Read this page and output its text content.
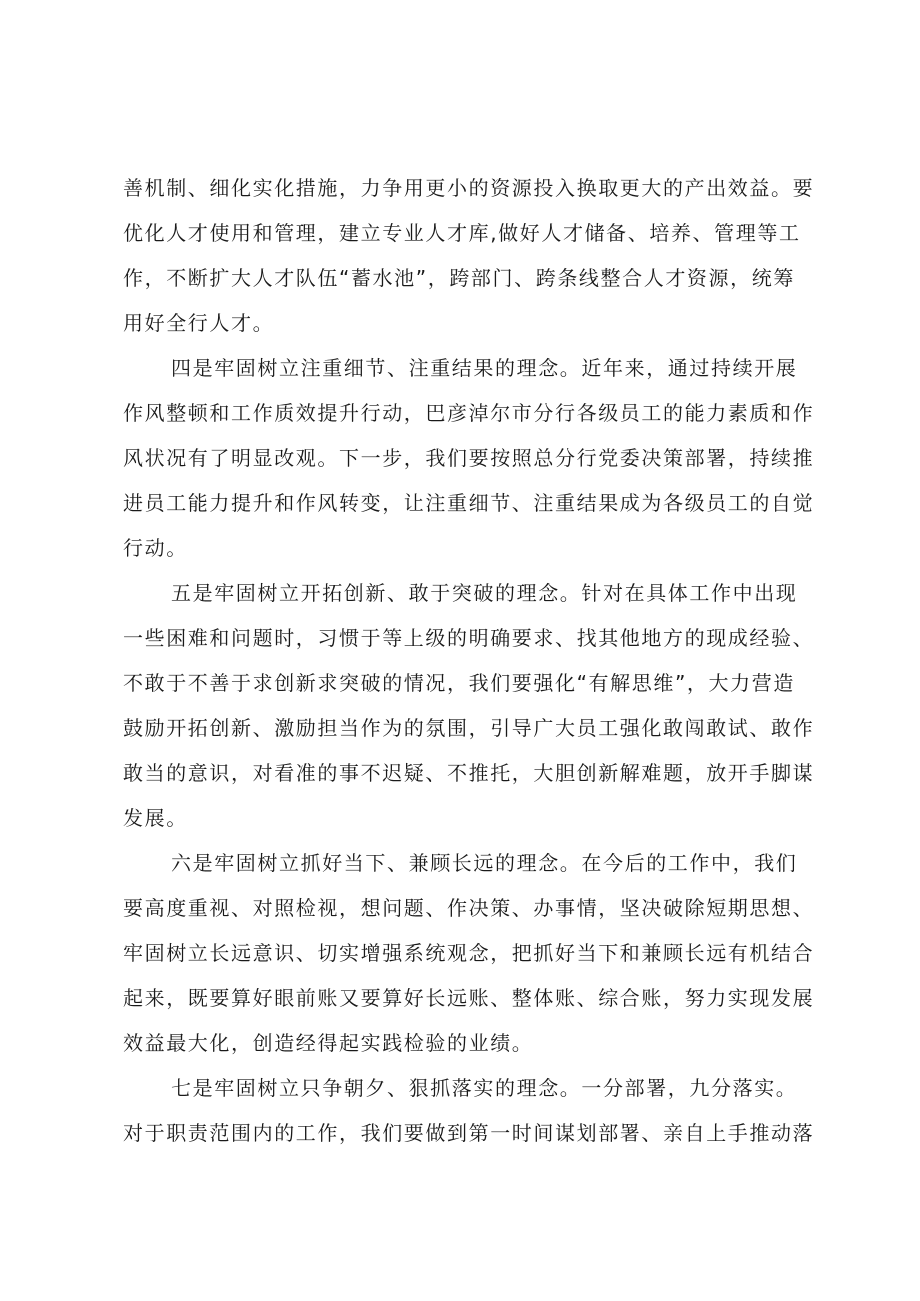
善机制、细化实化措施，力争用更小的资源投入换取更大的产出效益。要
优化人才使用和管理，建立专业人才库,做好人才储备、培养、管理等工
作，不断扩大人才队伍“蓄水池”，跨部门、跨条线整合人才资源，统筹
用好全行人才。
四是牢固树立注重细节、注重结果的理念。近年来，通过持续开展
作风整顿和工作质效提升行动，巴彦淖尔市分行各级员工的能力素质和作
风状况有了明显改观。下一步，我们要按照总分行党委决策部署，持续推
进员工能力提升和作风转变，让注重细节、注重结果成为各级员工的自觉
行动。
五是牢固树立开拓创新、敢于突破的理念。针对在具体工作中出现
一些困难和问题时，习惯于等上级的明确要求、找其他地方的现成经验、
不敢于不善于求创新求突破的情况，我们要强化“有解思维”，大力营造
鼓励开拓创新、激励担当作为的氛围，引导广大员工强化敢闯敢试、敢作
敢当的意识，对看准的事不迟疑、不推托，大胆创新解难题，放开手脚谋
发展。
六是牢固树立抓好当下、兼顾长远的理念。在今后的工作中，我们
要高度重视、对照检视，想问题、作决策、办事情，坚决破除短期思想、
牢固树立长远意识、切实增强系统观念，把抓好当下和兼顾长远有机结合
起来，既要算好眼前账又要算好长远账、整体账、综合账，努力实现发展
效益最大化，创造经得起实践检验的业绩。
七是牢固树立只争朝夕、狠抓落实的理念。一分部署，九分落实。
对于职责范围内的工作，我们要做到第一时间谋划部署、亲自上手推动落
